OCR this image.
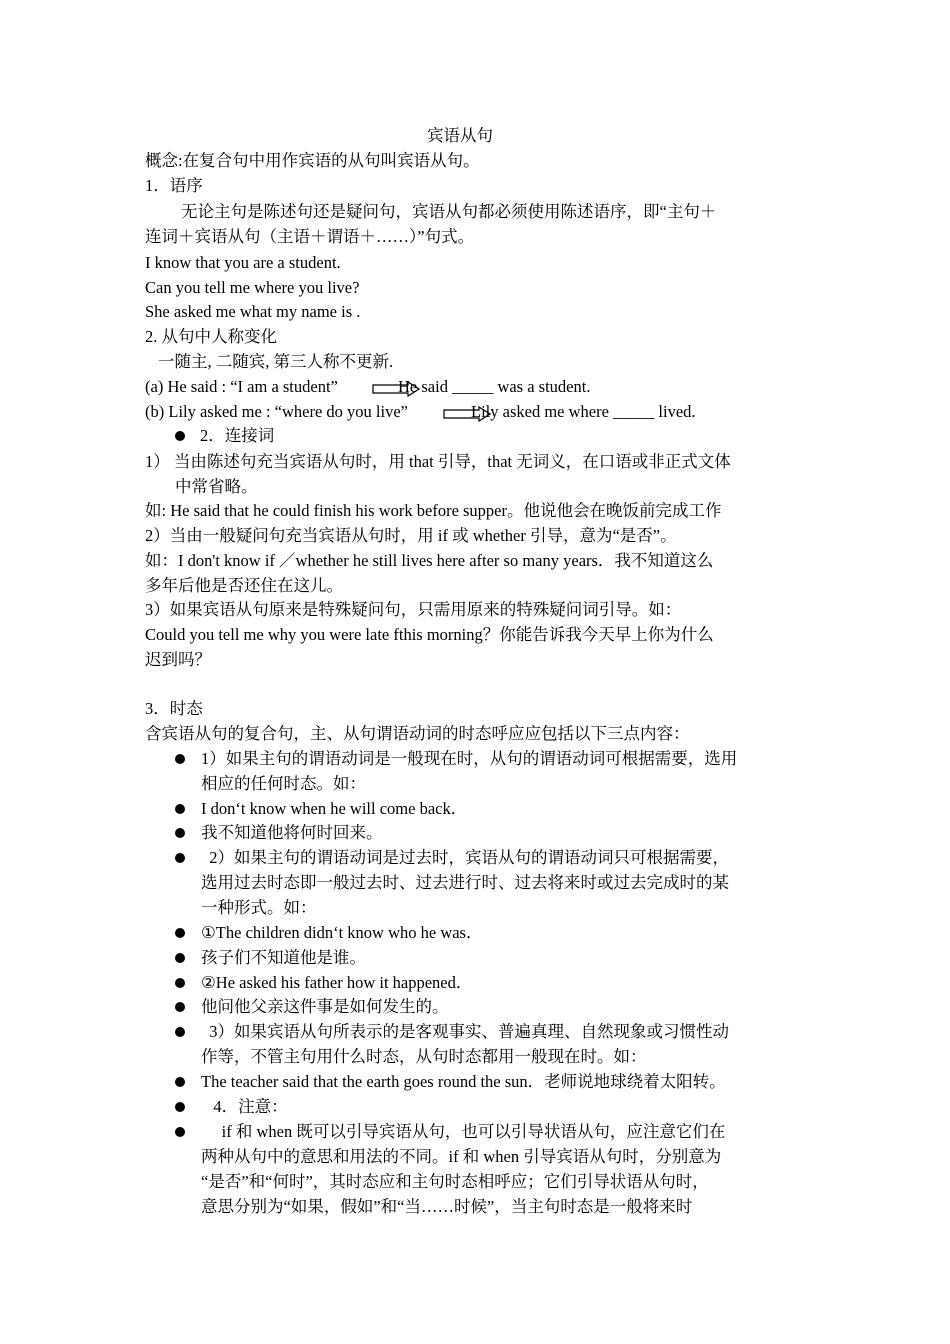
宾语从句
概念:在复合句中用作宾语的从句叫宾语从句。
1．语序
无论主句是陈述句还是疑问句，宾语从句都必须使用陈述语序，即“主句＋
连词＋宾语从句（主语＋谓语＋……）”句式。
I know that you are a student.
Can you tell me where you live?
She asked me what my name is .
2. 从句中人称变化
一随主, 二随宾, 第三人称不更新.
(a) He said : “I am a student”	He said _____ was a student.
(b) Lily asked me : “where do you live”	Lily asked me where _____ lived.
2．连接词
1） 当由陈述句充当宾语从句时，用 that 引导，that 无词义，在口语或非正式文体
中常省略。
如: He said that he could finish his work before supper。他说他会在晚饭前完成工作
2）当由一般疑问句充当宾语从句时，用 if 或 whether 引导，意为“是否”。
如：I don't know if ／whether he still lives here after so many years．我不知道这么
多年后他是否还住在这儿。
3）如果宾语从句原来是特殊疑问句，只需用原来的特殊疑问词引导。如：
Could you tell me why you were late fthis morning？你能告诉我今天早上你为什么
迟到吗？
3．时态
含宾语从句的复合句，主、从句谓语动词的时态呼应应包括以下三点内容：
1）如果主句的谓语动词是一般现在时，从句的谓语动词可根据需要，选用
相应的任何时态。如：
I don‘t know when he will come back．
我不知道他将何时回来。
2）如果主句的谓语动词是过去时，宾语从句的谓语动词只可根据需要，
选用过去时态即一般过去时、过去进行时、过去将来时或过去完成时的某
一种形式。如：
①The children didn‘t know who he was．
孩子们不知道他是谁。
②He asked his father how it happened．
他问他父亲这件事是如何发生的。
3）如果宾语从句所表示的是客观事实、普遍真理、自然现象或习惯性动
作等，不管主句用什么时态，从句时态都用一般现在时。如：
The teacher said that the earth goes round the sun．老师说地球绕着太阳转。
4．注意：
if 和 when 既可以引导宾语从句，也可以引导状语从句，应注意它们在
两种从句中的意思和用法的不同。if 和 when 引导宾语从句时，分别意为
“是否”和“何时”，其时态应和主句时态相呼应；它们引导状语从句时，
意思分别为“如果，假如”和“当……时候”，当主句时态是一般将来时
